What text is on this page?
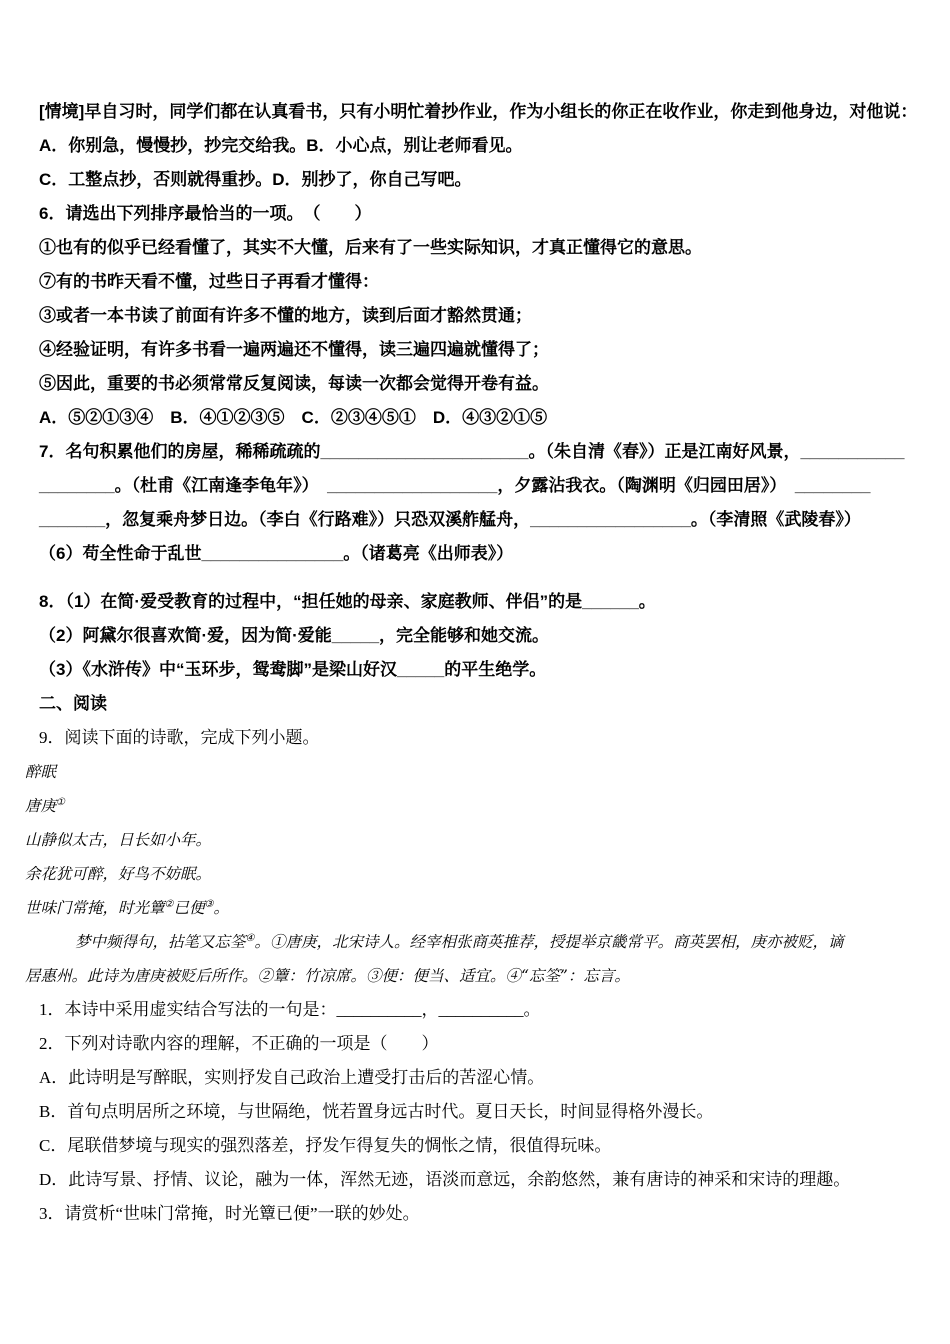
[情境]早自习时，同学们都在认真看书，只有小明忙着抄作业，作为小组长的你正在收作业，你走到他身边，对他说：

A．你别急，慢慢抄，抄完交给我。B．小心点，别让老师看见。

C．工整点抄，否则就得重抄。D．别抄了，你自己写吧。

6．请选出下列排序最恰当的一项。　（　　）

①也有的似乎已经看懂了，其实不大懂，后来有了一些实际知识，才真正懂得它的意思。

⑦有的书昨天看不懂，过些日子再看才懂得：

③或者一本书读了前面有许多不懂的地方，读到后面才豁然贯通；

④经验证明，有许多书看一遍两遍还不懂得，读三遍四遍就懂得了；

⑤因此，重要的书必须常常反复阅读，每读一次都会觉得开卷有益。

A．⑤②①③④　B．④①②③⑤　C．②③④⑤①　D．④③②①⑤

7．名句积累他们的房屋，稀稀疏疏的______________________。（朱自清《春》）正是江南好风景，___________

________。（杜甫《江南逢李龟年》）　__________________，夕露沾我衣。（陶渊明《归园田居》）　________

_______，忽复乘舟梦日边。（李白《行路难》）只恐双溪舴艋舟，_________________。（李清照《武陵春》）

（6）苟全性命于乱世_______________。（诸葛亮《出师表》）

8．（1）在简·爱受教育的过程中，“担任她的母亲、家庭教师、伴侣”的是______。

（2）阿黛尔很喜欢简·爱，因为简·爱能_____，完全能够和她交流。

（3）《水浒传》中“玉环步，鸳鸯脚”是梁山好汉_____的平生绝学。

二、阅读

9．阅读下面的诗歌，完成下列小题。

醉眠

唐庚①

山静似太古，日长如小年。

余花犹可醉，好鸟不妨眠。

世味门常掩，时光簟②已便③。

梦中频得句，拈笔又忘筌④。①唐庚，北宋诗人。经宰相张商英推荐，授提举京畿常平。商英罢相，庚亦被贬，谪

居惠州。此诗为唐庚被贬后所作。②簟：竹凉席。③便：便当、适宜。④“忘筌”：忘言。

1．本诗中采用虚实结合写法的一句是：__________，__________。

2．下列对诗歌内容的理解，不正确的一项是（　　）

A．此诗明是写醉眠，实则抒发自己政治上遭受打击后的苦涩心情。

B．首句点明居所之环境，与世隔绝，恍若置身远古时代。夏日天长，时间显得格外漫长。

C．尾联借梦境与现实的强烈落差，抒发乍得复失的惆怅之情，很值得玩味。

D．此诗写景、抒情、议论，融为一体，浑然无迹，语淡而意远，余韵悠然，兼有唐诗的神采和宋诗的理趣。

3．请赏析“世味门常掩，时光簟已便”一联的妙处。
